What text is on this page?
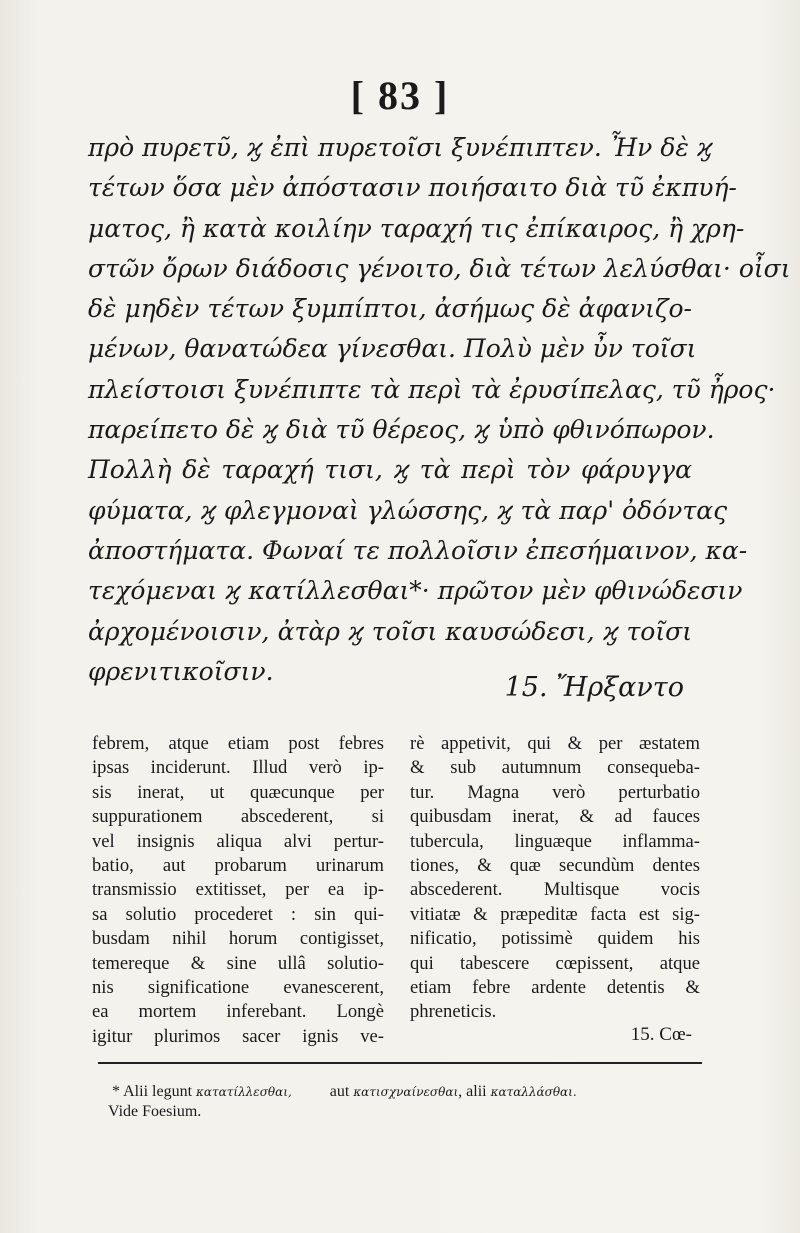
[ 83 ]
πρὸ πυρετῦ, ϗ ἐπὶ πυρετοῖσι ξυνέπιπτεν. Ἦν δὲ ϗ
τέτων ὅσα μὲν ἀπόστασιν ποιήσαιτο διὰ τῦ ἐκπυή-
ματος, ἢ κατὰ κοιλίην ταραχή τις ἐπίκαιρος, ἢ χρη-
στῶν ὄρων διάδοσις γένοιτο, διὰ τέτων λελύσθαι· οἶσι
δὲ μηδὲν τέτων ξυμπίπτοι, ἀσήμως δὲ ἀφανιζο-
μένων, θανατώδεα γίνεσθαι. Πολὺ μὲν ὖν τοῖσι
πλείστοισι ξυνέπιπτε τὰ περὶ τὰ ἐρυσίπελας, τῦ ἦρος·
παρείπετο δὲ ϗ διὰ τῦ θέρεος, ϗ ὑπὸ φθινόπωρον.
Πολλὴ δὲ ταραχή τισι, ϗ τὰ περὶ τὸν φάρυγγα
φύματα, ϗ φλεγμοναὶ γλώσσης, ϗ τὰ παρ' ὀδόντας
ἀποστήματα. Φωναί τε πολλοῖσιν ἐπεσήμαινον, κα-
τεχόμεναι ϗ κατίλλεσθαι*· πρῶτον μὲν φθινώδεσιν
ἀρχομένοισιν, ἀτὰρ ϗ τοῖσι καυσώδεσι, ϗ τοῖσι
φρενιτικοῖσιν.
15. Ἤρξαντο
febrem, atque etiam post febres
ipsas inciderunt. Illud verò ip-
sis inerat, ut quæcunque per
suppurationem abscederent, si
vel insignis aliqua alvi pertur-
batio, aut probarum urinarum
transmissio extitisset, per ea ip-
sa solutio procederet : sin qui-
busdam nihil horum contigisset,
temereque & sine ullâ solutio-
nis significatione evanescerent,
ea mortem inferebant. Longè
igitur plurimos sacer ignis ve-
rè appetivit, qui & per æstatem
& sub autumnum consequeba-
tur. Magna verò perturbatio
quibusdam inerat, & ad fauces
tubercula, linguæque inflamma-
tiones, & quæ secundùm dentes
abscederent. Multisque vocis
vitiatæ & præpeditæ facta est sig-
nificatio, potissimè quidem his
qui tabescere cœpissent, atque
etiam febre ardente detentis &
phreneticis.
15. Cœ-
* Alii legunt κατατίλλεσθαι, aut κατισχναίνεσθαι, alii καταλλάσθαι.
Vide Foesium.
